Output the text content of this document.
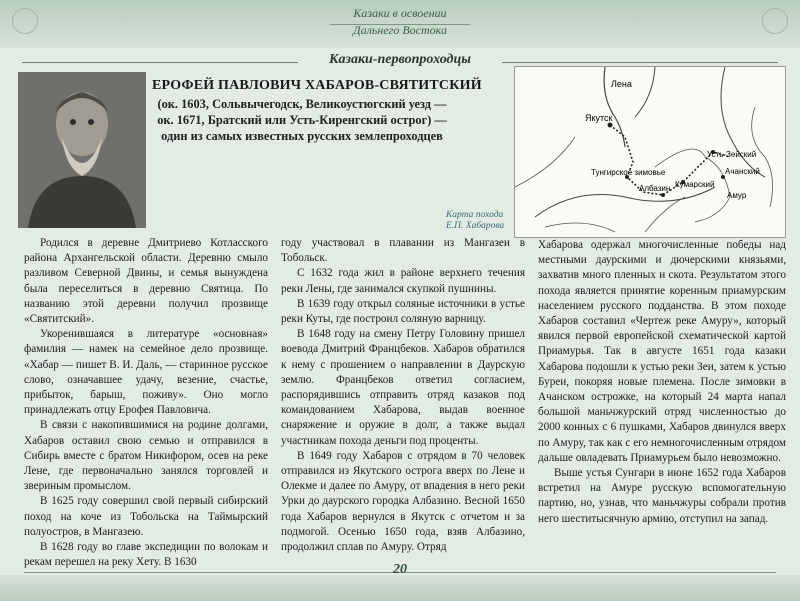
Казаки в освоении
Дальнего Востока
Казаки-первопроходцы
ЕРОФЕЙ ПАВЛОВИЧ ХАБАРОВ-СВЯТИТСКИЙ
(ок. 1603, Сольвычегодск, Великоустюгский уезд —
ок. 1671, Братский или Усть-Киренгский острог) —
один из самых известных русских землепроходцев
Лена
Якутск
Тунгирское зимовье
Албазин Кумарский
Ачанский
Амур
Усть-Зейский
Карта похода
Е.П. Хабарова

Родился в деревне Дмитриево Котласского района Архангельской области. Деревню смыло разливом Северной Двины, и семья вынуждена была переселиться в деревню Святица. По названию этой деревни получил прозвище «Святитский».

Укоренившаяся в литературе «основная» фамилия — намек на семейное дело прозвище. «Хабар — пишет В. И. Даль, — старинное русское слово, означавшее удачу, везение, счастье, прибыток, барыш, поживу». Оно могло принадлежать отцу Ерофея Павловича.

В связи с накопившимися на родине долгами, Хабаров оставил свою семью и отправился в Сибирь вместе с братом Никифором, осев на реке Лене, где первоначально занялся торговлей и звериным промыслом.

В 1625 году совершил свой первый сибирский поход на коче из Тобольска на Таймырский полуостров, в Мангазею.

В 1628 году во главе экспедиции по волокам и рекам перешел на реку Хету. В 1630

году участвовал в плавании из Мангазеи в Тобольск.

С 1632 года жил в районе верхнего течения реки Лены, где занимался скупкой пушнины.

В 1639 году открыл соляные источники в устье реки Куты, где построил соляную варницу.

В 1648 году на смену Петру Головину пришел воевода Дмитрий Францбеков. Хабаров обратился к нему с прошением о направлении в Даурскую землю. Францбеков ответил согласием, распорядившись отправить отряд казаков под командованием Хабарова, выдав военное снаряжение и оружие в долг, а также выдал участникам похода деньги под проценты.

В 1649 году Хабаров с отрядом в 70 человек отправился из Якутского острога вверх по Лене и Олекме и далее по Амуру, от впадения в него реки Урки до даурского городка Албазино. Весной 1650 года Хабаров вернулся в Якутск с отчетом и за подмогой. Осенью 1650 года, взяв Албазино, продолжил сплав по Амуру. Отряд

Хабарова одержал многочисленные победы над местными даурскими и дючерскими князьями, захватив много пленных и скота. Результатом этого похода является принятие коренным приамурским населением русского подданства. В этом походе Хабаров составил «Чертеж реке Амуру», который явился первой европейской схематической картой Приамурья. Так в августе 1651 года казаки Хабарова подошли к устью реки Зеи, затем к устью Буреи, покоряя новые племена. После зимовки в Ачанском острожке, на который 24 марта напал большой маньчжурский отряд численностью до 2000 конных с 6 пушками, Хабаров двинулся вверх по Амуру, так как с его немногочисленным отрядом дальше овладевать Приамурьем было невозможно.

Выше устья Сунгари в июне 1652 года Хабаров встретил на Амуре русскую вспомогательную партию, но, узнав, что маньчжуры собрали против него шеститысячную армию, отступил на запад.

20
